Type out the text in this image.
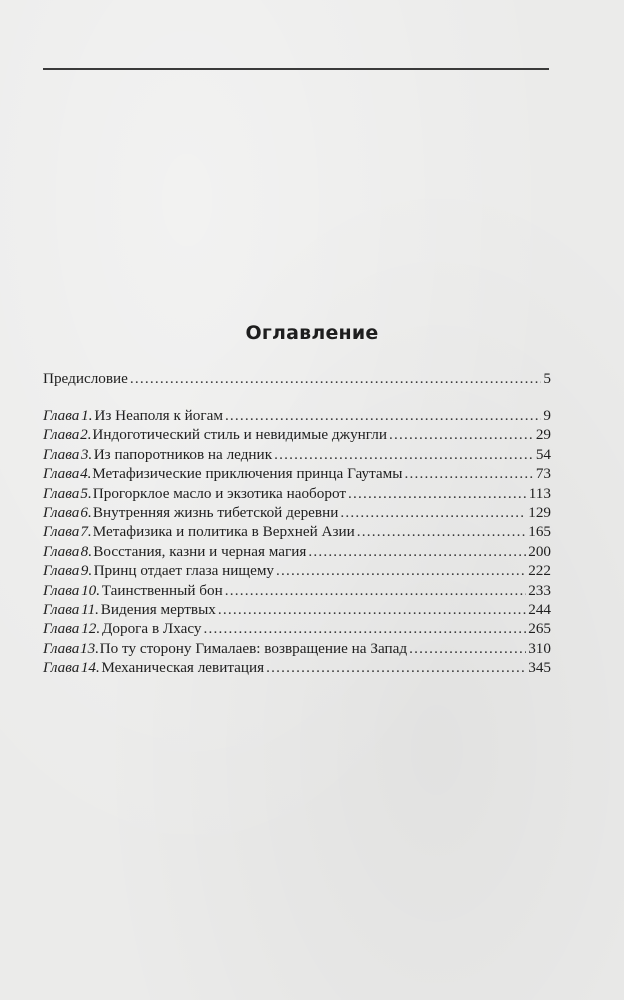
Оглавление
Предисловие .....	5
Глава 1. Из Неаполя к йогам .....	9
Глава 2. Индоготический стиль и невидимые джунгли .....	29
Глава 3. Из папоротников на ледник .....	54
Глава 4. Метафизические приключения принца Гаутамы .....	73
Глава 5. Прогорклое масло и экзотика наоборот .....	113
Глава 6. Внутренняя жизнь тибетской деревни .....	129
Глава 7. Метафизика и политика в Верхней Азии .....	165
Глава 8. Восстания, казни и черная магия .....	200
Глава 9. Принц отдает глаза нищему .....	222
Глава 10. Таинственный бон .....	233
Глава 11. Видения мертвых .....	244
Глава 12. Дорога в Лхасу .....	265
Глава 13. По ту сторону Гималаев: возвращение на Запад .....	310
Глава 14. Механическая левитация .....	345
